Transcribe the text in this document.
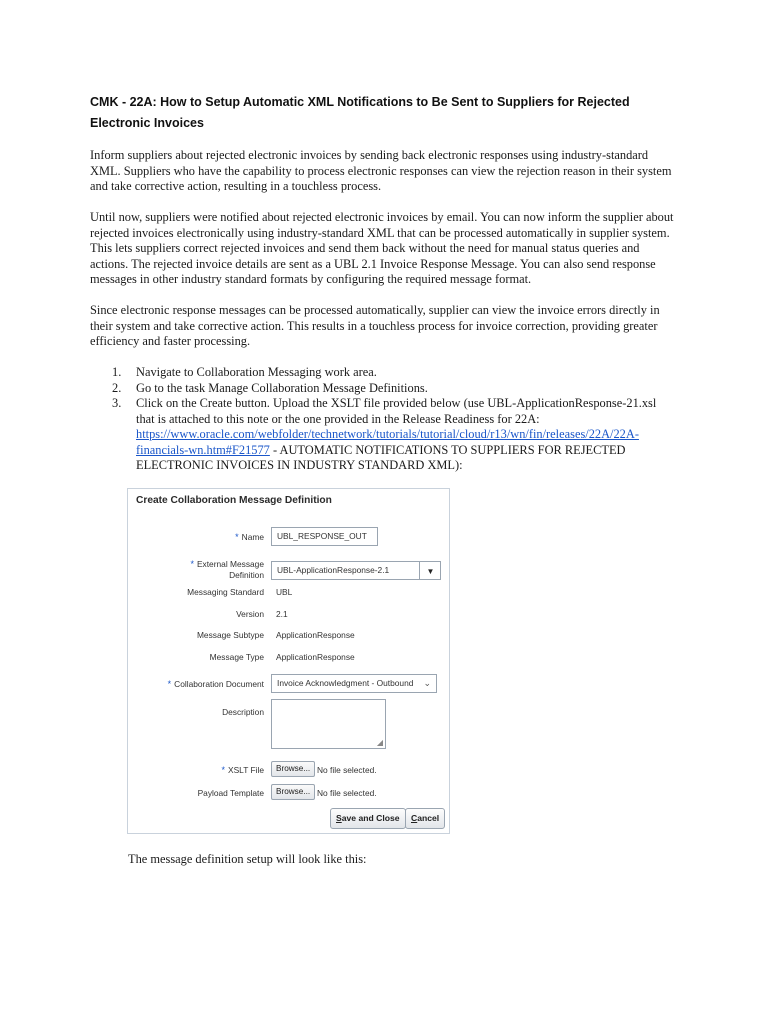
CMK - 22A: How to Setup Automatic XML Notifications to Be Sent to Suppliers for Rejected Electronic Invoices

Inform suppliers about rejected electronic invoices by sending back electronic responses using industry-standard XML. Suppliers who have the capability to process electronic responses can view the rejection reason in their system and take corrective action, resulting in a touchless process.

Until now, suppliers were notified about rejected electronic invoices by email. You can now inform the supplier about rejected invoices electronically using industry-standard XML that can be processed automatically in supplier system. This lets suppliers correct rejected invoices and send them back without the need for manual status queries and actions. The rejected invoice details are sent as a UBL 2.1 Invoice Response Message. You can also send response messages in other industry standard formats by configuring the required message format.

Since electronic response messages can be processed automatically, supplier can view the invoice errors directly in their system and take corrective action. This results in a touchless process for invoice correction, providing greater efficiency and faster processing.

1. Navigate to Collaboration Messaging work area.
2. Go to the task Manage Collaboration Message Definitions.
3. Click on the Create button. Upload the XSLT file provided below (use UBL-ApplicationResponse-21.xsl that is attached to this note or the one provided in the Release Readiness for 22A: https://www.oracle.com/webfolder/technetwork/tutorials/tutorial/cloud/r13/wn/fin/releases/22A/22A-financials-wn.htm#F21577 - AUTOMATIC NOTIFICATIONS TO SUPPLIERS FOR REJECTED ELECTRONIC INVOICES IN INDUSTRY STANDARD XML):
Create Collaboration Message Definition
* Name	UBL_RESPONSE_OUT
* External Message
Definition	UBL-ApplicationResponse-2.1	▼
Messaging Standard UBL
Version 2.1
Message Subtype ApplicationResponse
Message Type ApplicationResponse
* Collaboration Document	Invoice Acknowledgment - Outbound ⌄
Description
◢
* XSLT File	Browse... No file selected.
Payload Template	Browse... No file selected.
Save and Close	Cancel
The message definition setup will look like this:
